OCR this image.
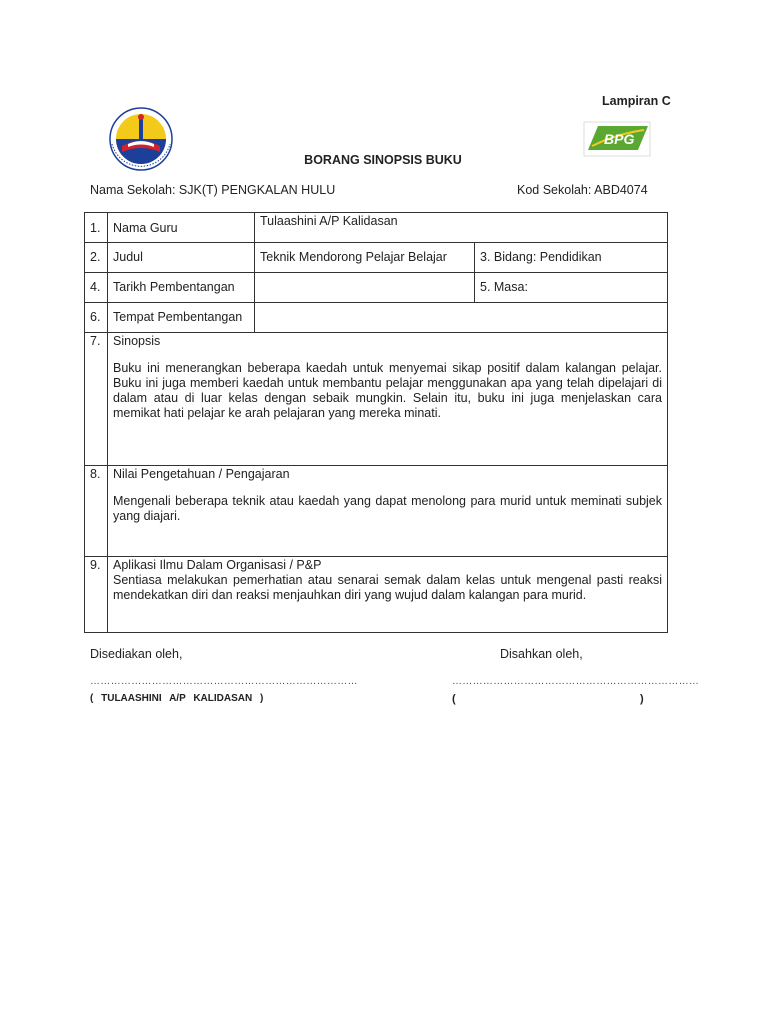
Lampiran C
BPG
BORANG SINOPSIS BUKU
Nama Sekolah: SJK(T) PENGKALAN HULU	Kod Sekolah: ABD4074
1.	Nama Guru	Tulaashini A/P Kalidasan	
2.	Judul	Teknik Mendorong Pelajar Belajar	3. Bidang: Pendidikan
4.	Tarikh Pembentangan		5. Masa:
6.	Tempat Pembentangan		
7.	Sinopsis
Buku ini menerangkan beberapa kaedah untuk menyemai sikap positif dalam kalangan pelajar. Buku ini juga memberi kaedah untuk membantu pelajar menggunakan apa yang telah dipelajari di dalam atau di luar kelas dengan sebaik mungkin. Selain itu, buku ini juga menjelaskan cara memikat hati pelajar ke arah pelajaran yang mereka minati.		

8.	Nilai Pengetahuan / Pengajaran
Mengenali beberapa teknik atau kaedah yang dapat menolong para murid untuk meminati subjek yang diajari.		

9.	Aplikasi Ilmu Dalam Organisasi / P&P
Sentiasa melakukan pemerhatian atau senarai semak dalam kelas untuk mengenal pasti reaksi mendekatkan diri dan reaksi menjauhkan diri yang wujud dalam kalangan para murid.		
Disediakan oleh,	Disahkan oleh,
……………………………………………………………………	………………………………………………………………
( TULAASHINI A/P KALIDASAN )	(	)
